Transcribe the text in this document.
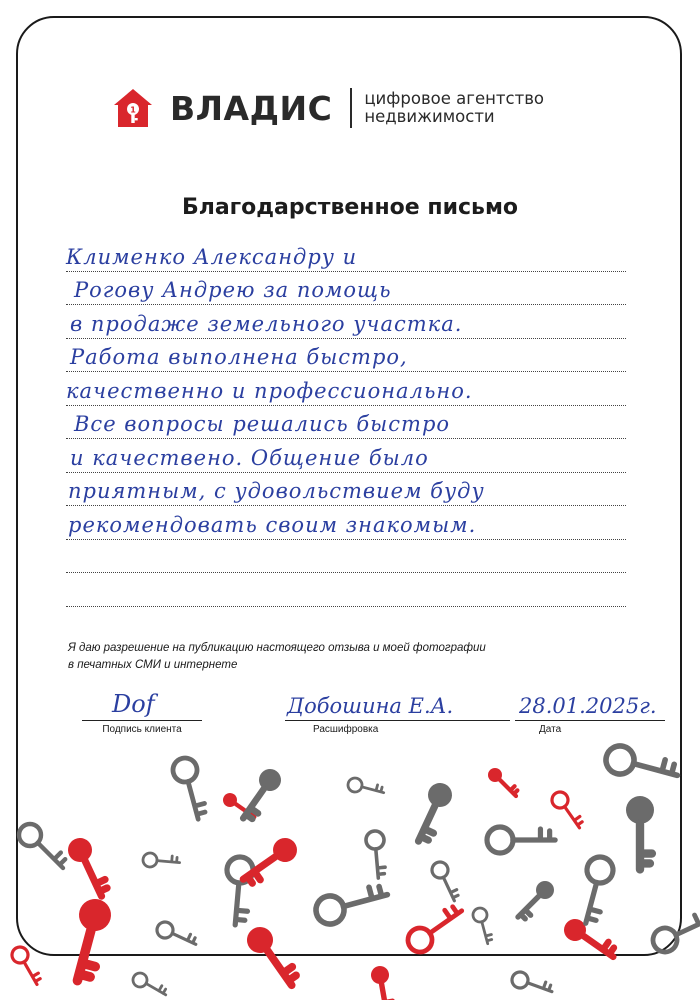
1 ВЛАДИС цифровое агентство
недвижимости
Благодарственное письмо
Клименко Александру и
Рогову Андрею за помощь
в продаже земельного участка.
Работа выполнена быстро,
качественно и профессионально.
Все вопросы решались быстро
и качествено. Общение было
приятным, с удовольствием буду
рекомендовать своим знакомым.
Я даю разрешение на публикацию настоящего отзыва и моей фотографии
в печатных СМИ и интернете
Dof
Подпись клиента
Добошина Е.А.
Расшифровка
28.01.2025г.
Дата
